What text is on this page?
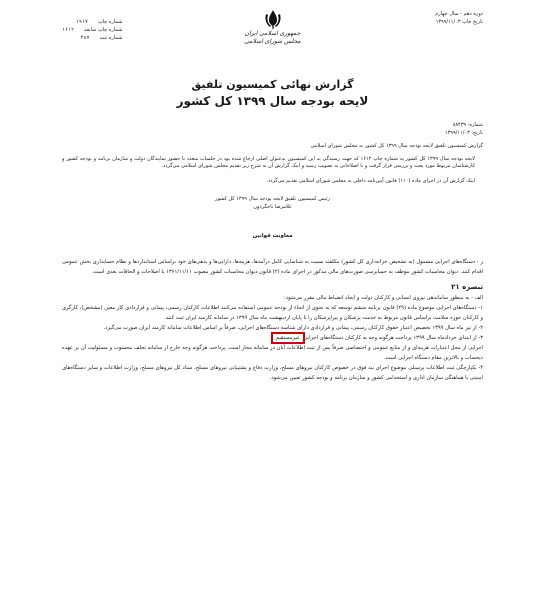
دوره دهم - سال چهارم
تاریخ چاپ ۱۳۹۹/۱۱/۰۳
جمهوری اسلامی ایران
مجلس شورای اسلامی
شماره چاپ
۱۹۱۷
شماره چاپ سابقه
۱۶۱۲
شماره ثبت
۴۸۷
گزارش نهائی کمیسیون تلفیق
لایحه بودجه سال ۱۳۹۹ کل کشور
شماره: ۸۸۴۳۹
تاریخ: ۱۳۹۹/۱۱/۰۳
گزارش کمیسیون تلفیق لایحه بودجه سال ۱۳۹۹ کل کشور به مجلس شورای اسلامی
لایحه بودجه سال ۱۳۹۹ کل کشور به شماره چاپ ۱۶۱۲ که جهت رسیدگی به این کمیسیون به‌عنوان اصلی ارجاع شده بود در جلسات متعدد با حضور نمایندگان دولت و سازمان برنامه و بودجه کشور و کارشناسان مربوط مورد بحث و بررسی قرار گرفت و با اصلاحاتی به تصویب رسید و اینک گزارش آن به شرح زیر تقدیم مجلس شورای اسلامی می‌گردد.
اینک گزارش آن در اجرای ماده (۱۱۰) قانون آیین‌نامه داخلی به مجلس شورای اسلامی تقدیم می‌گردد.
رئیس کمیسیون تلفیق لایحه بودجه سال ۱۳۹۹ کل کشور
غلامرضا تاجگردون
معاونت قوانین
ز - دستگاه‌های اجرایی مشمول (به تشخیص خزانه‌داری کل کشور) مکلفند نسبت به شناسایی کامل درآمدها، هزینه‌ها، دارایی‌ها و بدهی‌های خود براساس استانداردها و نظام حسابداری بخش عمومی اقدام کنند. دیوان محاسبات کشور موظف به حسابرسی صورت‌های مالی مذکور در اجرای ماده (۲) قانون دیوان محاسبات کشور مصوب ۱۳۶۱/۱۱/۱۱ با اصلاحات و الحاقات بعدی است.
تبصره ۲۱
الف - به منظور ساماندهی نیروی انسانی و کارکنان دولت و ایجاد انضباط مالی مقرر می‌شود:
۱- دستگاه‌های اجرایی موضوع ماده (۲۹) قانون برنامه ششم توسعه که به نحوی از انحاء از بودجه عمومی استفاده می‌کنند اطلاعات کارکنان رسمی، پیمانی و قراردادی کار معین (مشخص)، کارگری و کارکنان حوزه سلامت براساس قانون مربوط به خدمت پزشکان و پیراپزشکان را تا پایان اردیبهشت ماه سال ۱۳۹۹ در سامانه کارمند ایران ثبت کنند.
۲- از تیر ماه سال ۱۳۹۹ تخصیص اعتبار حقوق کارکنان رسمی، پیمانی و قراردادی دارای شناسه دستگاه‌های اجرایی، صرفاً بر اساس اطلاعات سامانه کارمند ایران صورت می‌گیرد.
۳- از ابتدای خردادماه سال ۱۳۹۹ پرداخت هرگونه وجه به کارکنان دستگاه‌های اجرایی غیرمستقیم
اجرایی از محل اعتبارات هزینه‌ای و از منابع عمومی و اختصاصی صرفاً پس از ثبت اطلاعات آنان در سامانه مجاز است. پرداخت هرگونه وجه خارج از سامانه تخلف محسوب و مسئولیت آن بر عهده ذیحساب و بالاترین مقام دستگاه اجرایی است.
۴- یکپارچگی ثبت اطلاعات پرسنلی موضوع اجرای بند فوق در خصوص کارکنان نیروهای مسلح، وزارت دفاع و پشتیبانی نیروهای مسلح، ستاد کل نیروهای مسلح، وزارت اطلاعات و سایر دستگاه‌های امنیتی با هماهنگی سازمان اداری و استخدامی کشور و سازمان برنامه و بودجه کشور تعیین می‌شود.
